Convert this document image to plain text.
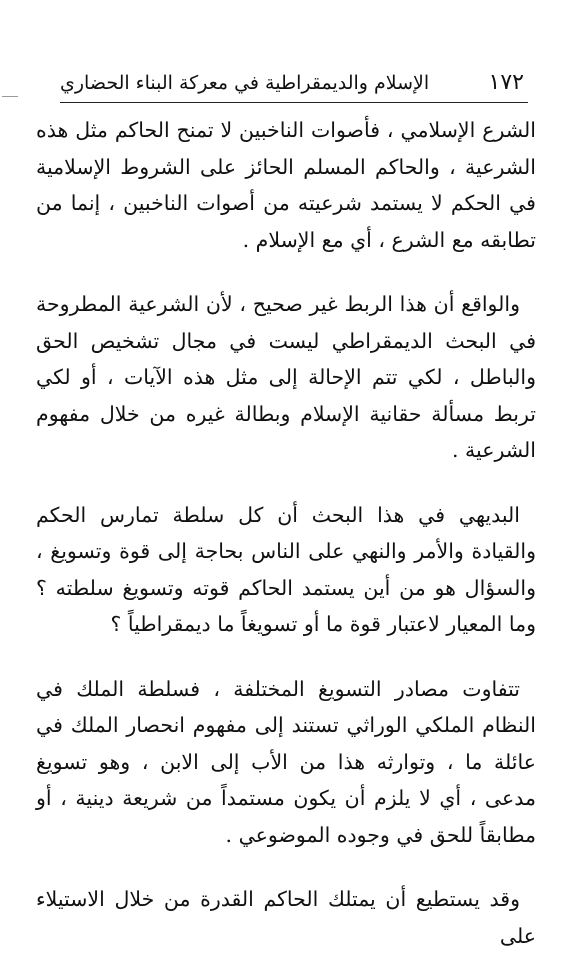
١٧٢
الإسلام والديمقراطية في معركة البناء الحضاري

الشرع الإسلامي ، فأصوات الناخبين لا تمنح الحاكم مثل هذه الشرعية ، والحاكم المسلم الحائز على الشروط الإسلامية في الحكم لا يستمد شرعيته من أصوات الناخبين ، إنما من تطابقه مع الشرع ، أي مع الإسلام .

والواقع أن هذا الربط غير صحيح ، لأن الشرعية المطروحة في البحث الديمقراطي ليست في مجال تشخيص الحق والباطل ، لكي تتم الإحالة إلى مثل هذه الآيات ، أو لكي تربط مسألة حقانية الإسلام وبطالة غيره من خلال مفهوم الشرعية .

البديهي في هذا البحث أن كل سلطة تمارس الحكم والقيادة والأمر والنهي على الناس بحاجة إلى قوة وتسويغ ، والسؤال هو من أين يستمد الحاكم قوته وتسويغ سلطته ؟ وما المعيار لاعتبار قوة ما أو تسويغاً ما ديمقراطياً ؟

تتفاوت مصادر التسويغ المختلفة ، فسلطة الملك في النظام الملكي الوراثي تستند إلى مفهوم انحصار الملك في عائلة ما ، وتوارثه هذا من الأب إلى الابن ، وهو تسويغ مدعى ، أي لا يلزم أن يكون مستمداً من شريعة دينية ، أو مطابقاً للحق في وجوده الموضوعي .

وقد يستطيع أن يمتلك الحاكم القدرة من خلال الاستيلاء على
